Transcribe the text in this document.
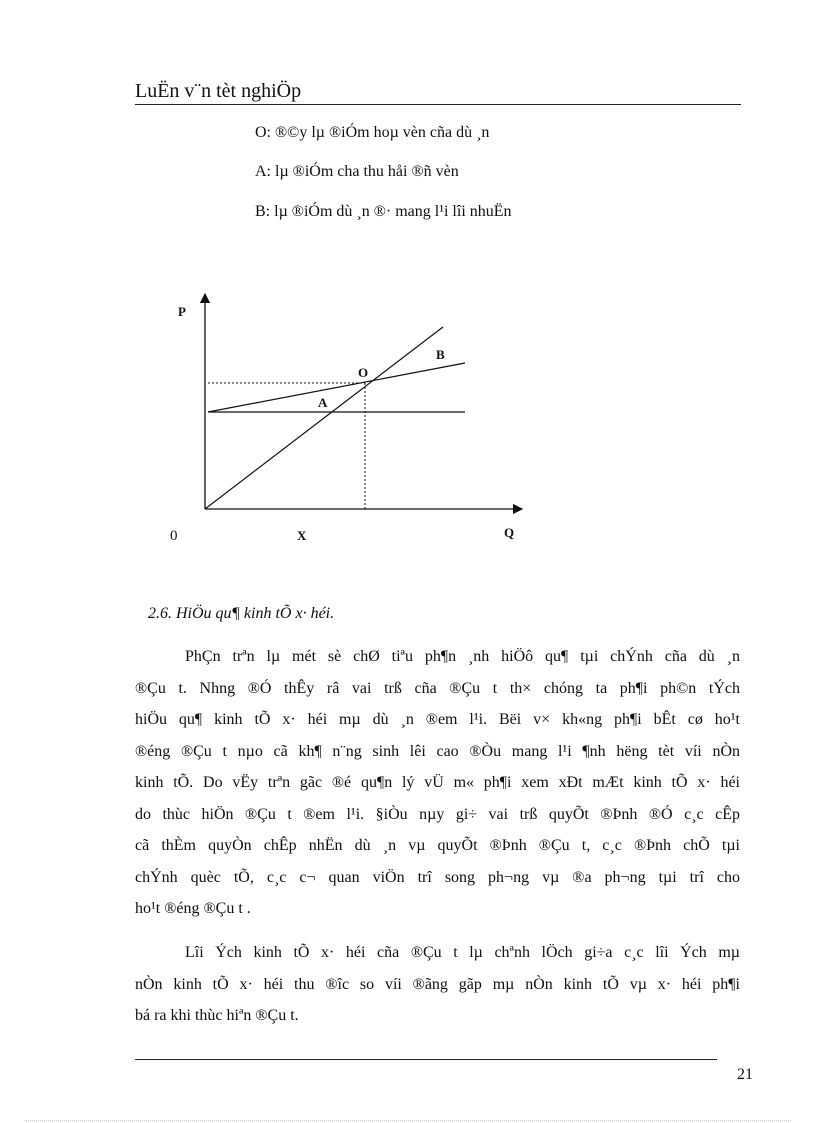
LuËn v¨n tèt nghiÖp
O: ®©y lµ ®iÓm hoµ vèn cña dù ¸n
A: lµ ®iÓm cha thu håi ®ñ vèn
B: lµ ®iÓm dù ¸n ®· mang l¹i lîi nhuËn
P
0	X	Q
O
A
B
2.6. HiÖu qu¶ kinh tÕ x· héi.
PhÇn trªn lµ mét sè chØ tiªu ph¶n ¸nh hiÖô qu¶ tµi chÝnh cña dù ¸n
®Çu t. Nhng ®Ó thÊy râ vai trß cña ®Çu t th× chóng ta ph¶i ph©n tÝch
hiÖu qu¶ kinh tÕ x· héi mµ dù ¸n ®em l¹i. Bëi v× kh«ng ph¶i bÊt cø ho¹t
®éng ®Çu t nµo cã kh¶ n¨ng sinh lêi cao ®Òu mang l¹i ¶nh hëng tèt víi nÒn
kinh tÕ. Do vËy trªn gãc ®é qu¶n lý vÜ m« ph¶i xem xÐt mÆt kinh tÕ x· héi
do thùc hiÖn ®Çu t ®em l¹i. §iÒu nµy gi÷ vai trß quyÕt ®Þnh ®Ó c¸c cÊp
cã thÈm quyÒn chÊp nhËn dù ¸n vµ quyÕt ®Þnh ®Çu t, c¸c ®Þnh chÕ tµi
chÝnh quèc tÕ, c¸c c¬ quan viÖn trî song ph¬ng vµ ®a ph¬ng tµi trî cho
ho¹t ®éng ®Çu t .
Lîi Ých kinh tÕ x· héi cña ®Çu t lµ chªnh lÖch gi÷a c¸c lîi Ých mµ
nÒn kinh tÕ x· héi thu ®îc so víi ®ãng gãp mµ nÒn kinh tÕ vµ x· héi ph¶i
bá ra khi thùc hiªn ®Çu t.
21
